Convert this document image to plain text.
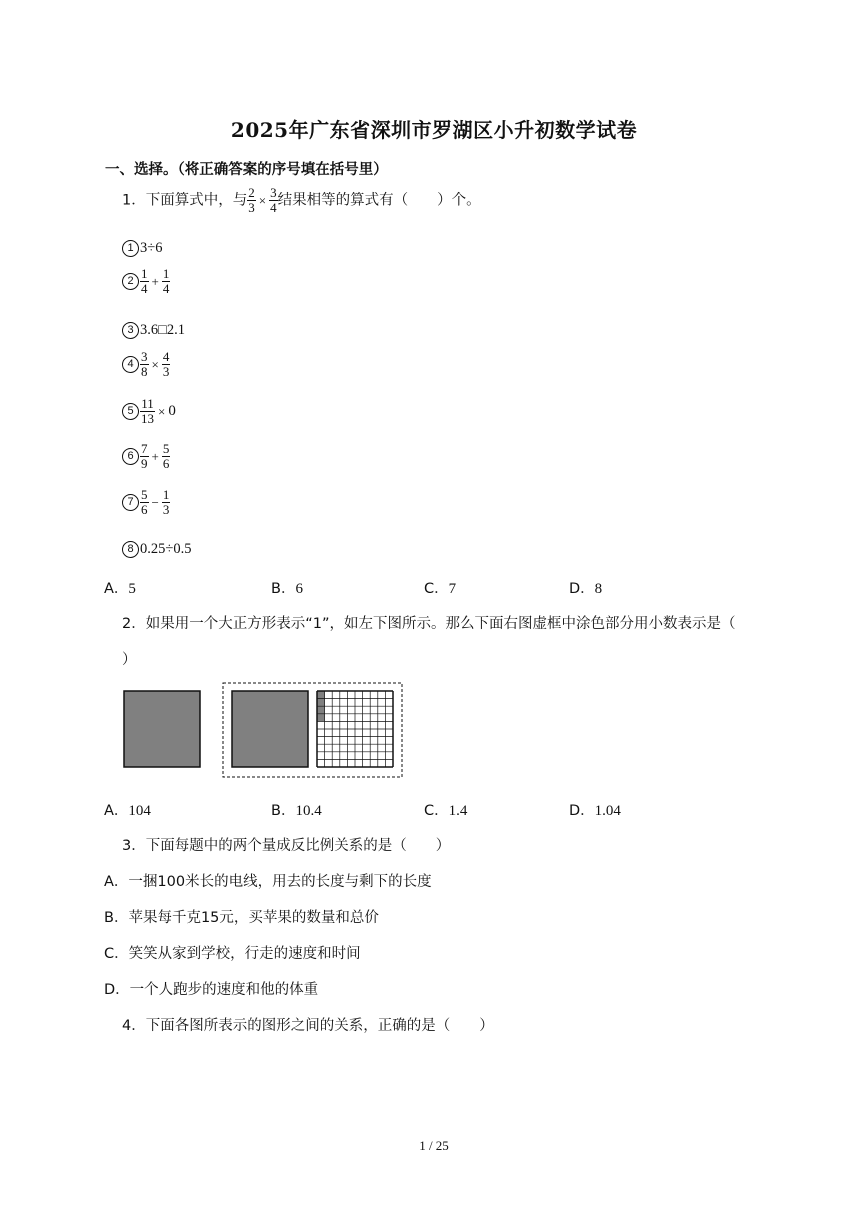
2025年广东省深圳市罗湖区小升初数学试卷
一、选择。（将正确答案的序号填在括号里）
1．下面算式中，与 $\frac{2}{3} \times \frac{3}{4}$ 结果相等的算式有（　　）个。
1 3÷6
$2 \frac{1}{4} + \frac{1}{4}$
3 3.6□2.1
$4 \frac{3}{8} \times \frac{4}{3}$
$5 \frac{11}{13} \times 0$
$6 \frac{7}{9} + \frac{5}{6}$
$7 \frac{5}{6} - \frac{1}{3}$
8 0.25÷0.5
A．5	B．6	C．7	D．8
2．如果用一个大正方形表示“1”，如左下图所示。那么下面右图虚框中涂色部分用小数表示是（
）
A．104	B．10.4	C．1.4	D．1.04
3．下面每题中的两个量成反比例关系的是（　　）
A．一捆100米长的电线，用去的长度与剩下的长度
B．苹果每千克15元，买苹果的数量和总价
C．笑笑从家到学校，行走的速度和时间
D．一个人跑步的速度和他的体重
4．下面各图所表示的图形之间的关系，正确的是（　　）
1 / 25
